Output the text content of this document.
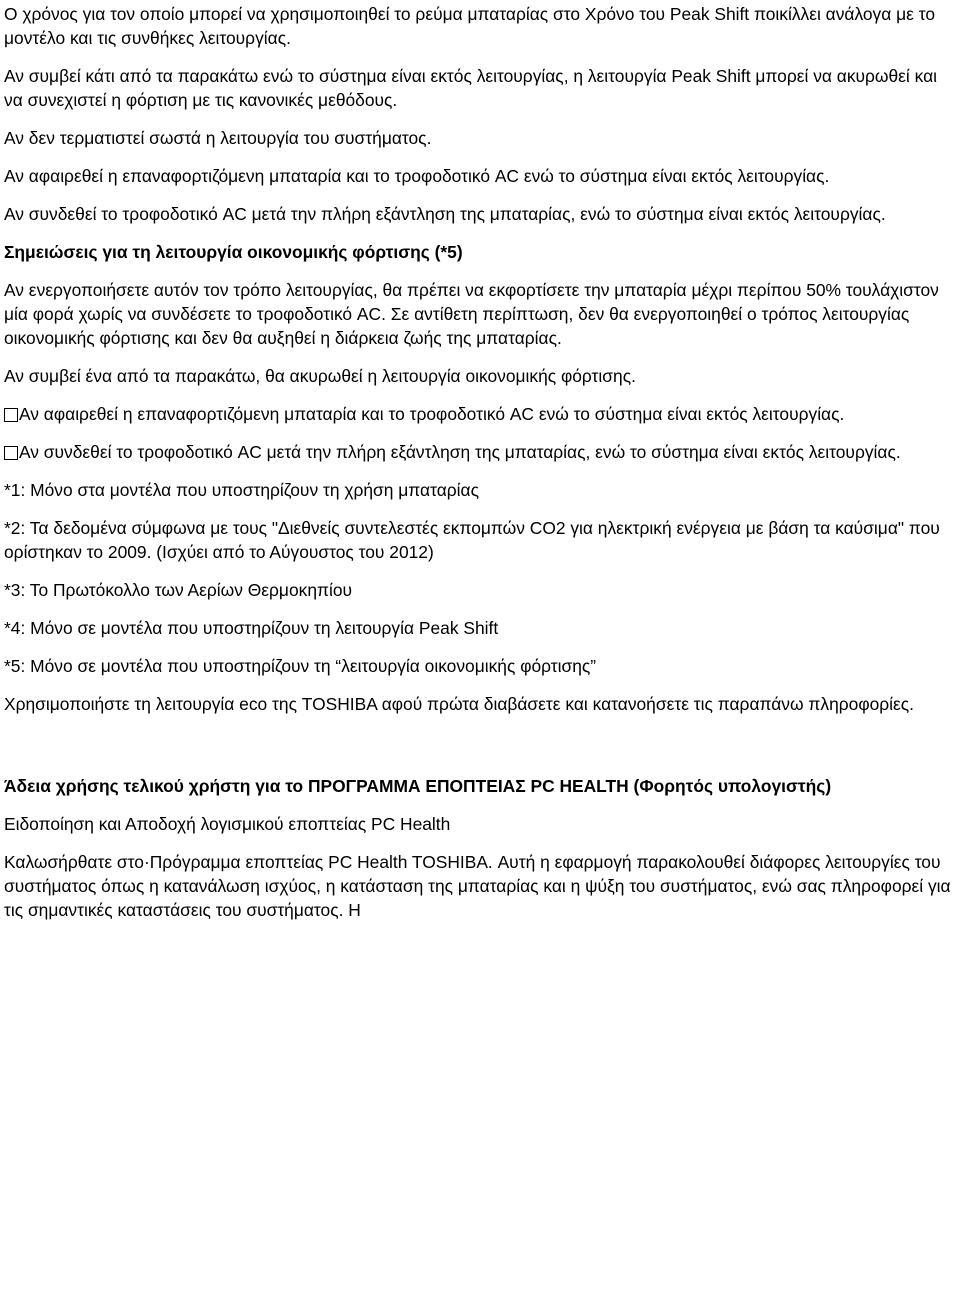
Ο χρόνος για τον οποίο μπορεί να χρησιμοποιηθεί το ρεύμα μπαταρίας στο Χρόνο του Peak Shift ποικίλλει ανάλογα με το μοντέλο και τις συνθήκες λειτουργίας.

Αν συμβεί κάτι από τα παρακάτω ενώ το σύστημα είναι εκτός λειτουργίας, η λειτουργία Peak Shift μπορεί να ακυρωθεί και να συνεχιστεί η φόρτιση με τις κανονικές μεθόδους.

Αν δεν τερματιστεί σωστά η λειτουργία του συστήματος.

Αν αφαιρεθεί η επαναφορτιζόμενη μπαταρία και το τροφοδοτικό AC ενώ το σύστημα είναι εκτός λειτουργίας.

Αν συνδεθεί το τροφοδοτικό AC μετά την πλήρη εξάντληση της μπαταρίας, ενώ το σύστημα είναι εκτός λειτουργίας.

Σημειώσεις για τη λειτουργία οικονομικής φόρτισης (*5)

Αν ενεργοποιήσετε αυτόν τον τρόπο λειτουργίας, θα πρέπει να εκφορτίσετε την μπαταρία μέχρι περίπου 50% τουλάχιστον μία φορά χωρίς να συνδέσετε το τροφοδοτικό AC. Σε αντίθετη περίπτωση, δεν θα ενεργοποιηθεί ο τρόπος λειτουργίας οικονομικής φόρτισης και δεν θα αυξηθεί η διάρκεια ζωής της μπαταρίας.

Αν συμβεί ένα από τα παρακάτω, θα ακυρωθεί η λειτουργία οικονομικής φόρτισης.

Αν αφαιρεθεί η επαναφορτιζόμενη μπαταρία και το τροφοδοτικό AC ενώ το σύστημα είναι εκτός λειτουργίας.

Αν συνδεθεί το τροφοδοτικό AC μετά την πλήρη εξάντληση της μπαταρίας, ενώ το σύστημα είναι εκτός λειτουργίας.

*1: Μόνο στα μοντέλα που υποστηρίζουν τη χρήση μπαταρίας

*2: Τα δεδομένα σύμφωνα με τους "Διεθνείς συντελεστές εκπομπών CO2 για ηλεκτρική ενέργεια με βάση τα καύσιμα" που ορίστηκαν το 2009. (Ισχύει από το Αύγουστος του 2012)

*3: Το Πρωτόκολλο των Αερίων Θερμοκηπίου

*4: Μόνο σε μοντέλα που υποστηρίζουν τη λειτουργία Peak Shift

*5: Μόνο σε μοντέλα που υποστηρίζουν τη “λειτουργία οικονομικής φόρτισης”

Χρησιμοποιήστε τη λειτουργία eco της TOSHIBA αφού πρώτα διαβάσετε και κατανοήσετε τις παραπάνω πληροφορίες.

Άδεια χρήσης τελικού χρήστη για το ΠΡΟΓΡΑΜΜΑ ΕΠΟΠΤΕΙΑΣ PC HEALTH (Φορητός υπολογιστής)

Ειδοποίηση και Αποδοχή λογισμικού εποπτείας PC Health

Καλωσήρθατε στο·Πρόγραμμα εποπτείας PC Health TOSHIBA. Αυτή η εφαρμογή παρακολουθεί διάφορες λειτουργίες του συστήματος όπως η κατανάλωση ισχύος, η κατάσταση της μπαταρίας και η ψύξη του συστήματος, ενώ σας πληροφορεί για τις σημαντικές καταστάσεις του συστήματος. Η
